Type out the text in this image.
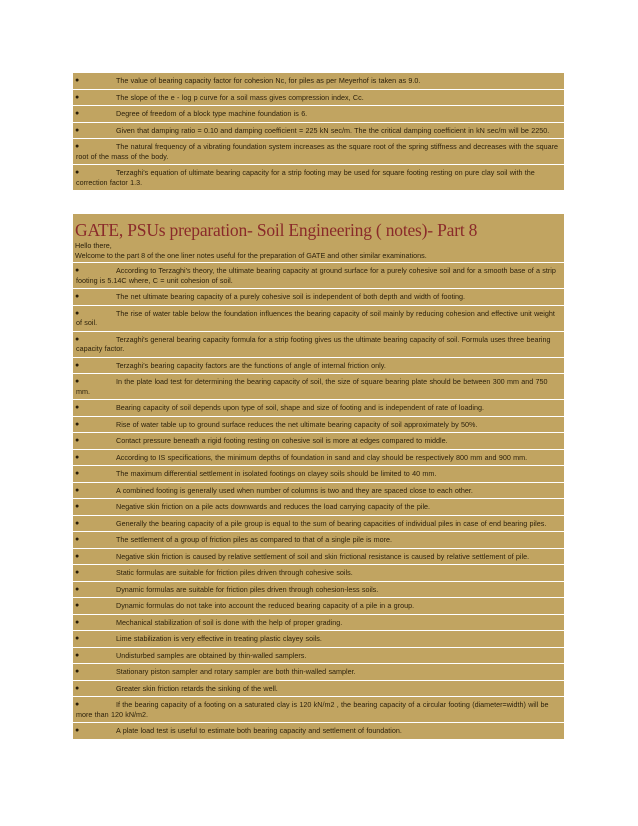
●	The value of bearing capacity factor for cohesion Nc, for piles as per Meyerhof is taken as 9.0.
●	The slope of the e - log p curve for a soil mass gives compression index, Cc.
●	Degree of freedom of a block type machine foundation is 6.
●	Given that damping ratio = 0.10 and damping coefficient = 225 kN sec/m. The the critical damping coefficient in kN sec/m will be 2250.
●	The natural frequency of a vibrating foundation system increases as the square root of the spring stiffness and decreases with the square root of the mass of the body.
●	Terzaghi’s equation of ultimate bearing capacity for a strip footing may be used for square footing resting on pure clay soil with the correction factor 1.3.
GATE, PSUs preparation- Soil Engineering ( notes)- Part 8
Hello there,
Welcome to the part 8 of the one liner notes useful for the preparation of GATE and other similar examinations.
●	According to Terzaghi's theory, the ultimate bearing capacity at ground surface for a purely cohesive soil and for a smooth base of a strip footing is 5.14C where, C = unit cohesion of soil.
●	The net ultimate bearing capacity of a purely cohesive soil is independent of both depth and width of footing.
●	The rise of water table below the foundation influences the bearing capacity of soil mainly by reducing cohesion and effective unit weight of soil.
●	Terzaghi's general bearing capacity formula for a strip footing gives us the ultimate bearing capacity of soil. Formula uses three bearing capacity factor.
●	Terzaghi’s bearing capacity factors are the functions of angle of internal friction only.
●	In the plate load test for determining the bearing capacity of soil, the size of square bearing plate should be between 300 mm and 750 mm.
●	Bearing capacity of soil depends upon type of soil, shape and size of footing and is independent of rate of loading.
●	Rise of water table up to ground surface reduces the net ultimate bearing capacity of soil approximately by 50%.
●	Contact pressure beneath a rigid footing resting on cohesive soil is more at edges compared to middle.
●	According to IS specifications, the minimum depths of foundation in sand and clay should be respectively 800 mm and 900 mm.
●	The maximum differential settlement in isolated footings on clayey soils should be limited to 40 mm.
●	A combined footing is generally used when number of columns is two and they are spaced close to each other.
●	Negative skin friction on a pile acts downwards and reduces the load carrying capacity of the pile.
●	Generally the bearing capacity of a pile group is equal to the sum of bearing capacities of individual piles in case of end bearing piles.
●	The settlement of a group of friction piles as compared to that of a single pile is more.
●	Negative skin friction is caused by relative settlement of soil and skin frictional resistance is caused by relative settlement of pile.
●	Static formulas are suitable for friction piles driven through cohesive soils.
●	Dynamic formulas are suitable for friction piles driven through cohesion-less soils.
●	Dynamic formulas do not take into account the reduced bearing capacity of a pile in a group.
●	Mechanical stabilization of soil is done with the help of proper grading.
●	Lime stabilization is very effective in treating plastic clayey soils.
●	Undisturbed samples are obtained by thin-walled samplers.
●	Stationary piston sampler and rotary sampler are both thin-walled sampler.
●	Greater skin friction retards the sinking of the well.
●	If the bearing capacity of a footing on a saturated clay is 120 kN/m2 , the bearing capacity of a circular footing (diameter=width) will be more than 120 kN/m2.
●	A plate load test is useful to estimate both bearing capacity and settlement of foundation.
